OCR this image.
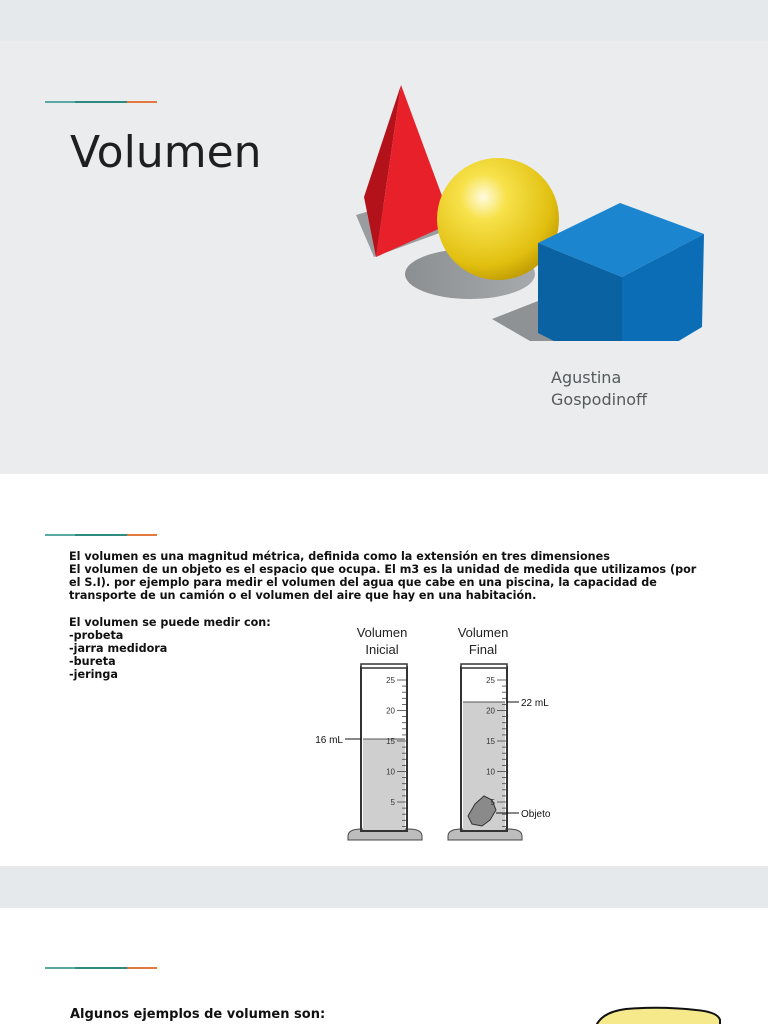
Volumen
Agustina
Gospodinoff

El volumen es una magnitud métrica, definida como la extensión en tres dimensiones

El volumen de un objeto es el espacio que ocupa. El m3 es la unidad de medida que utilizamos (por el S.I). por ejemplo para medir el volumen del agua que cabe en una piscina, la capacidad de transporte de un camión o el volumen del aire que hay en una habitación.

El volumen se puede medir con:
-probeta
-jarra medidora
-bureta
-jeringa
Volumen
Inicial
Volumen
Final
25
20
15
10
5
25
20
15
10
5
16 mL
22 mL
Objeto
Algunos ejemplos de volumen son:
